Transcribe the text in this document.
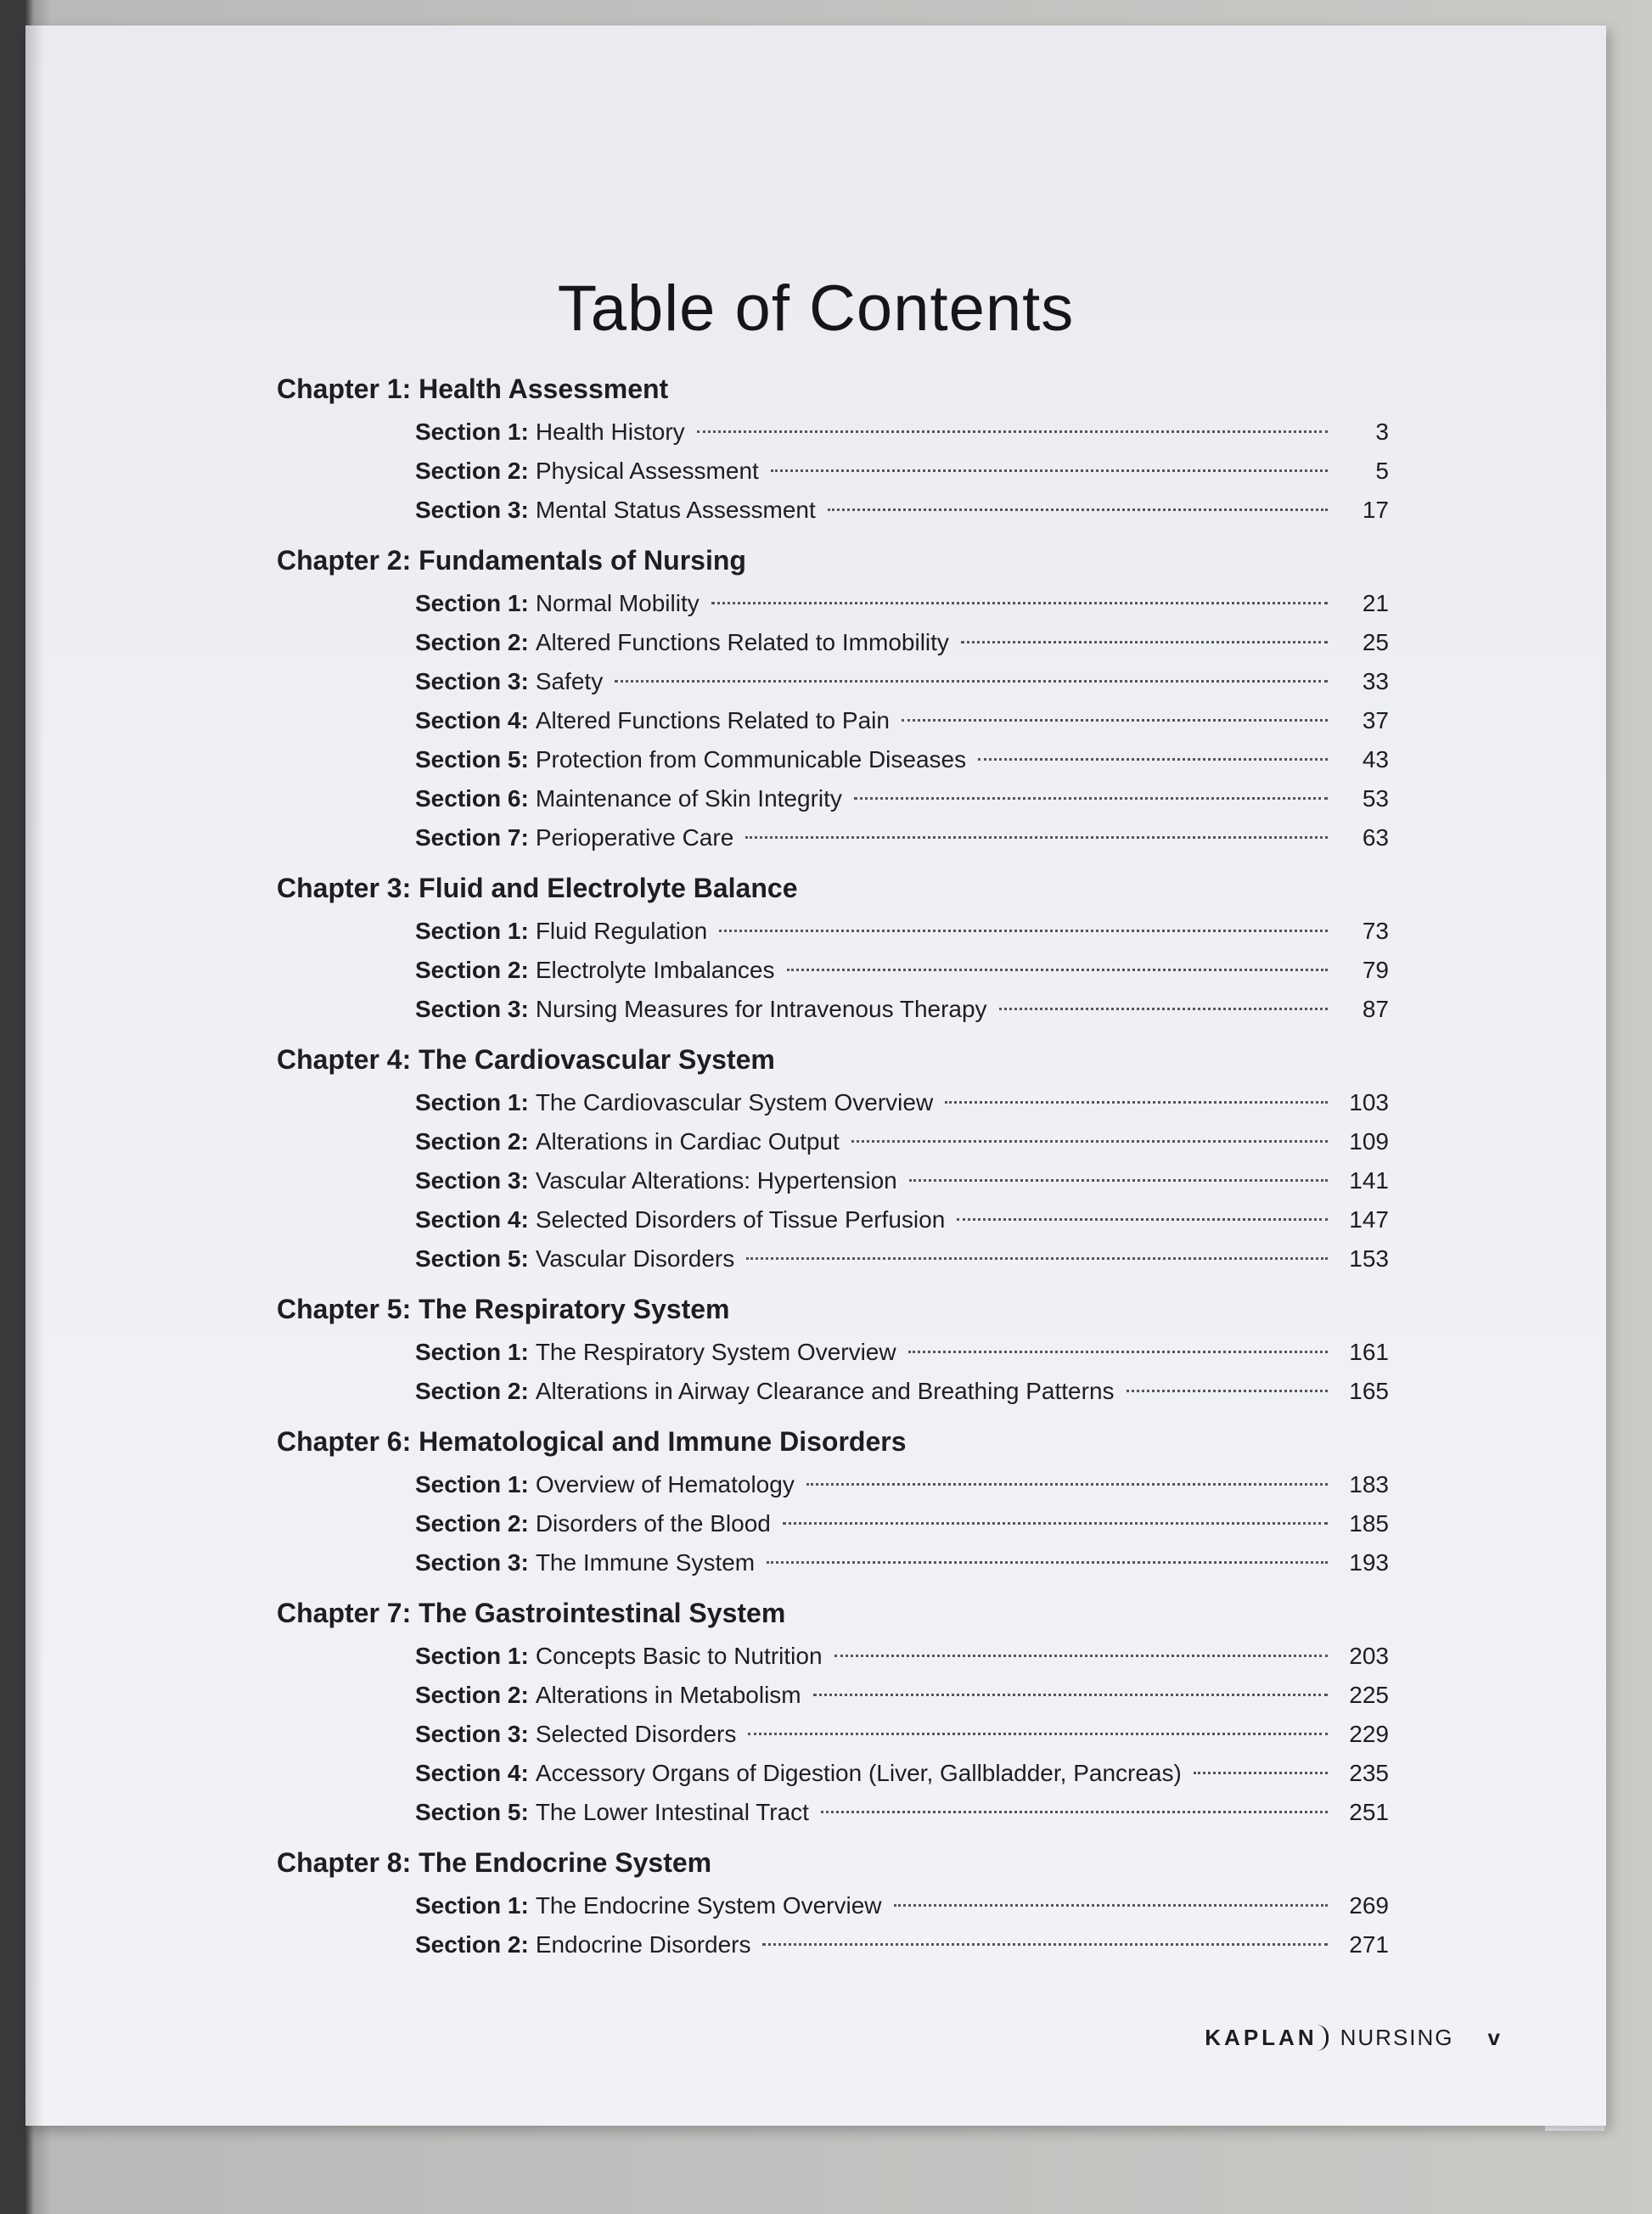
Table of Contents
Chapter 1: Health Assessment
Section 1: Health History	3
Section 2: Physical Assessment	5
Section 3: Mental Status Assessment	17
Chapter 2: Fundamentals of Nursing
Section 1: Normal Mobility	21
Section 2: Altered Functions Related to Immobility	25
Section 3: Safety	33
Section 4: Altered Functions Related to Pain	37
Section 5: Protection from Communicable Diseases	43
Section 6: Maintenance of Skin Integrity	53
Section 7: Perioperative Care	63
Chapter 3: Fluid and Electrolyte Balance
Section 1: Fluid Regulation	73
Section 2: Electrolyte Imbalances	79
Section 3: Nursing Measures for Intravenous Therapy	87
Chapter 4: The Cardiovascular System
Section 1: The Cardiovascular System Overview	103
Section 2: Alterations in Cardiac Output	109
Section 3: Vascular Alterations: Hypertension	141
Section 4: Selected Disorders of Tissue Perfusion	147
Section 5: Vascular Disorders	153
Chapter 5: The Respiratory System
Section 1: The Respiratory System Overview	161
Section 2: Alterations in Airway Clearance and Breathing Patterns	165
Chapter 6: Hematological and Immune Disorders
Section 1: Overview of Hematology	183
Section 2: Disorders of the Blood	185
Section 3: The Immune System	193
Chapter 7: The Gastrointestinal System
Section 1: Concepts Basic to Nutrition	203
Section 2: Alterations in Metabolism	225
Section 3: Selected Disorders	229
Section 4: Accessory Organs of Digestion (Liver, Gallbladder, Pancreas)	235
Section 5: The Lower Intestinal Tract	251
Chapter 8: The Endocrine System
Section 1: The Endocrine System Overview	269
Section 2: Endocrine Disorders	271
KAPLAN	NURSING v
